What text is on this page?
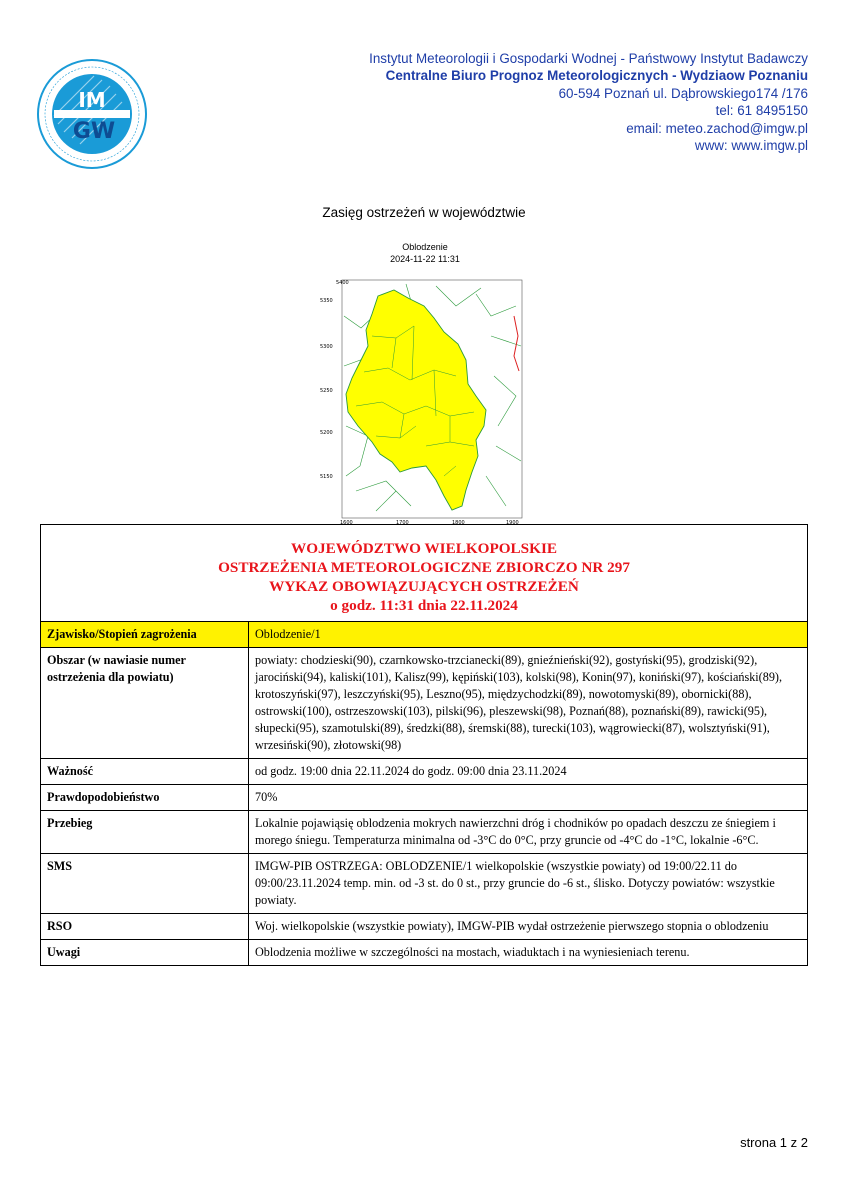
IM
GW
Instytut Meteorologii i Gospodarki Wodnej - Państwowy Instytut Badawczy
Centralne Biuro Prognoz Meteorologicznych - Wydziaow Poznaniu
60-594 Poznań ul. Dąbrowskiego174 /176
tel: 61 8495150
email: meteo.zachod@imgw.pl
www: www.imgw.pl
Zasięg ostrzeżeń w województwie
Oblodzenie
2024-11-22 11:31
5400
5350
5300
5250
5200
5150
1600	1700	1800	1900
WOJEWÓDZTWO WIELKOPOLSKIE
OSTRZEŻENIA METEOROLOGICZNE ZBIORCZO NR 297
WYKAZ OBOWIĄZUJĄCYCH OSTRZEŻEŃ
o godz. 11:31 dnia 22.11.2024	

Zjawisko/Stopień zagrożenia	Oblodzenie/1
Obszar (w nawiasie numer ostrzeżenia dla powiatu)	powiaty: chodzieski(90), czarnkowsko-trzcianecki(89), gnieźnieński(92), gostyński(95), grodziski(92), jarociński(94), kaliski(101), Kalisz(99), kępiński(103), kolski(98), Konin(97), koniński(97), kościański(89), krotoszyński(97), leszczyński(95), Leszno(95), międzychodzki(89), nowotomyski(89), obornicki(88), ostrowski(100), ostrzeszowski(103), pilski(96), pleszewski(98), Poznań(88), poznański(89), rawicki(95), słupecki(95), szamotulski(89), średzki(88), śremski(88), turecki(103), wągrowiecki(87), wolsztyński(91), wrzesiński(90), złotowski(98)
Ważność	od godz. 19:00 dnia 22.11.2024 do godz. 09:00 dnia 23.11.2024
Prawdopodobieństwo	70%
Przebieg	Lokalnie pojawiąsię oblodzenia mokrych nawierzchni dróg i chodników po opadach deszczu ze śniegiem i morego śniegu. Temperaturza minimalna od -3°C do 0°C, przy gruncie od -4°C do -1°C, lokalnie -6°C.
SMS	IMGW-PIB OSTRZEGA: OBLODZENIE/1 wielkopolskie (wszystkie powiaty) od 19:00/22.11 do 09:00/23.11.2024 temp. min. od -3 st. do 0 st., przy gruncie do -6 st., ślisko. Dotyczy powiatów: wszystkie powiaty.
RSO	Woj. wielkopolskie (wszystkie powiaty), IMGW-PIB wydał ostrzeżenie pierwszego stopnia o oblodzeniu
Uwagi	Oblodzenia możliwe w szczególności na mostach, wiaduktach i na wyniesieniach terenu.
strona 1 z 2
